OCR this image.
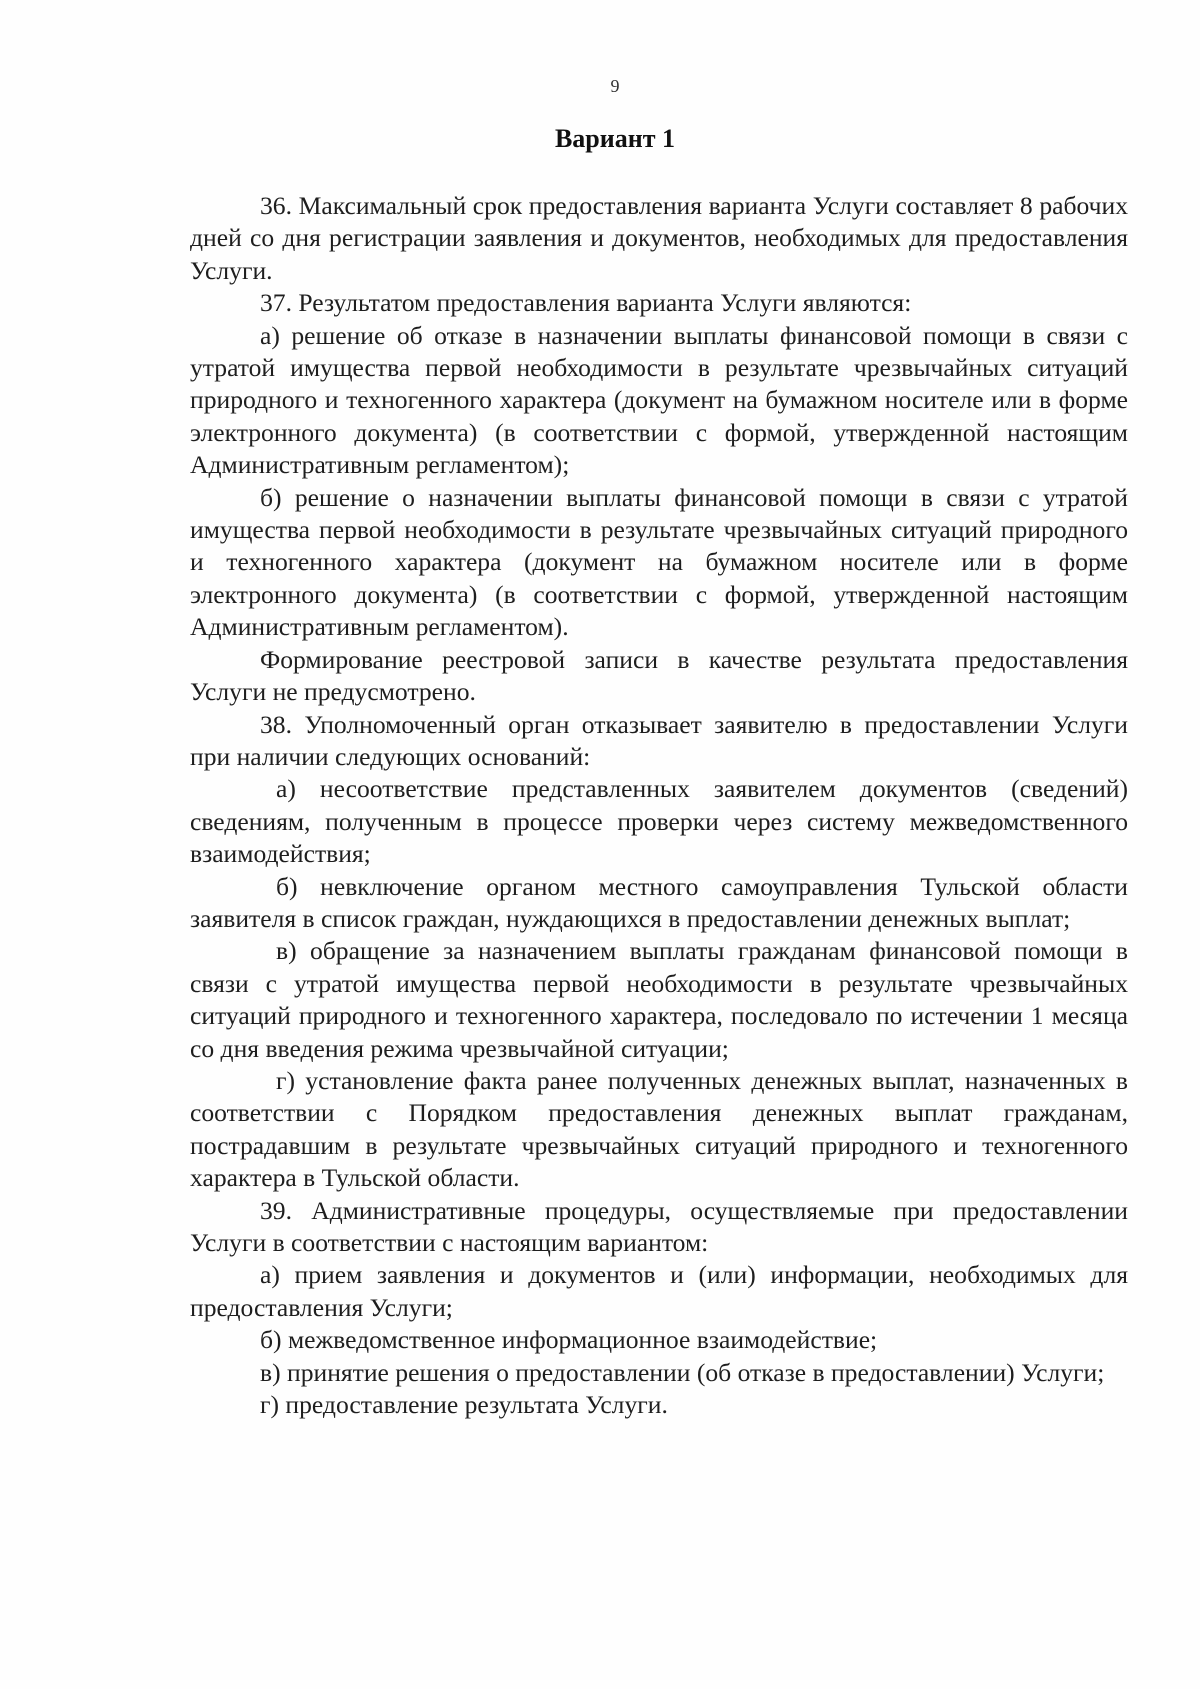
9
Вариант 1

36. Максимальный срок предоставления варианта Услуги составляет 8 рабочих дней со дня регистрации заявления и документов, необходимых для предоставления Услуги.

37. Результатом предоставления варианта Услуги являются:

а) решение об отказе в назначении выплаты финансовой помощи в связи с утратой имущества первой необходимости в результате чрезвычайных ситуаций природного и техногенного характера (документ на бумажном носителе или в форме электронного документа) (в соответствии с формой, утвержденной настоящим Административным регламентом);

б) решение о назначении выплаты финансовой помощи в связи с утратой имущества первой необходимости в результате чрезвычайных ситуаций природного и техногенного характера (документ на бумажном носителе или в форме электронного документа) (в соответствии с формой, утвержденной настоящим Административным регламентом).

Формирование реестровой записи в качестве результата предоставления Услуги не предусмотрено.

38. Уполномоченный орган отказывает заявителю в предоставлении Услуги при наличии следующих оснований:

а) несоответствие представленных заявителем документов (сведений) сведениям, полученным в процессе проверки через систему межведомственного взаимодействия;

б) невключение органом местного самоуправления Тульской области заявителя в список граждан, нуждающихся в предоставлении денежных выплат;

в) обращение за назначением выплаты гражданам финансовой помощи в связи с утратой имущества первой необходимости в результате чрезвычайных ситуаций природного и техногенного характера, последовало по истечении 1 месяца со дня введения режима чрезвычайной ситуации;

г) установление факта ранее полученных денежных выплат, назначенных в соответствии с Порядком предоставления денежных выплат гражданам, пострадавшим в результате чрезвычайных ситуаций природного и техногенного характера в Тульской области.

39. Административные процедуры, осуществляемые при предоставлении Услуги в соответствии с настоящим вариантом:

а) прием заявления и документов и (или) информации, необходимых для предоставления Услуги;

б) межведомственное информационное взаимодействие;

в) принятие решения о предоставлении (об отказе в предоставлении) Услуги;

г) предоставление результата Услуги.
